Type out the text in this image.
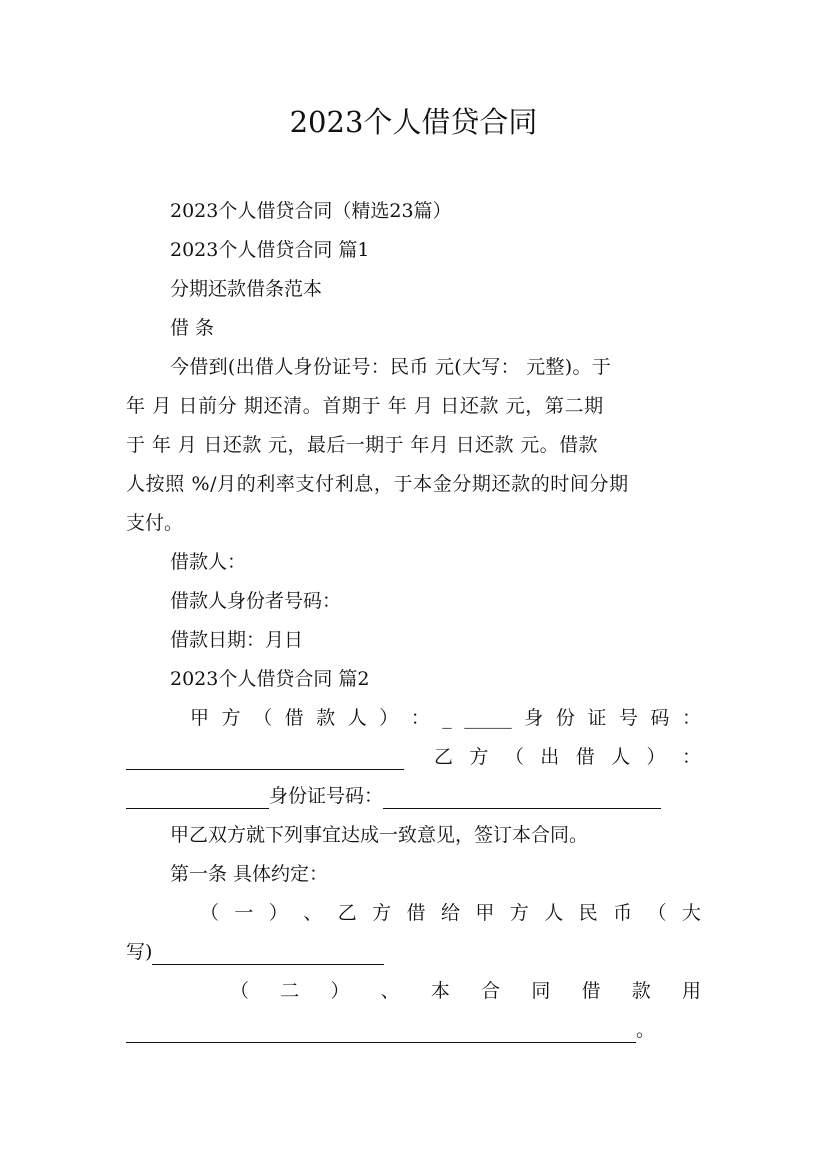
2023个人借贷合同

2023个人借贷合同（精选23篇）

2023个人借贷合同 篇1

分期还款借条范本

借 条

今借到(出借人身份证号：民币 元(大写： 元整)。于

年 月 日前分 期还清。首期于 年 月 日还款 元，第二期

于 年 月 日还款 元，最后一期于 年月 日还款 元。借款

人按照 %/月的利率支付利息，于本金分期还款的时间分期

支付。

借款人：

借款人身份者号码：

借款日期：月日

2023个人借贷合同 篇2

甲 方 （ 借 款 人 ） ： _ _____ 身 份 证 号 码 ：
乙 方 （ 出 借 人 ） ：
身份证号码：

甲乙双方就下列事宜达成一致意见，签订本合同。

第一条 具体约定：

（ 一 ） 、 乙 方 借 给 甲 方 人 民 币 （ 大
写)
（ 二 ） 、 本 合 同 借 款 用
。
